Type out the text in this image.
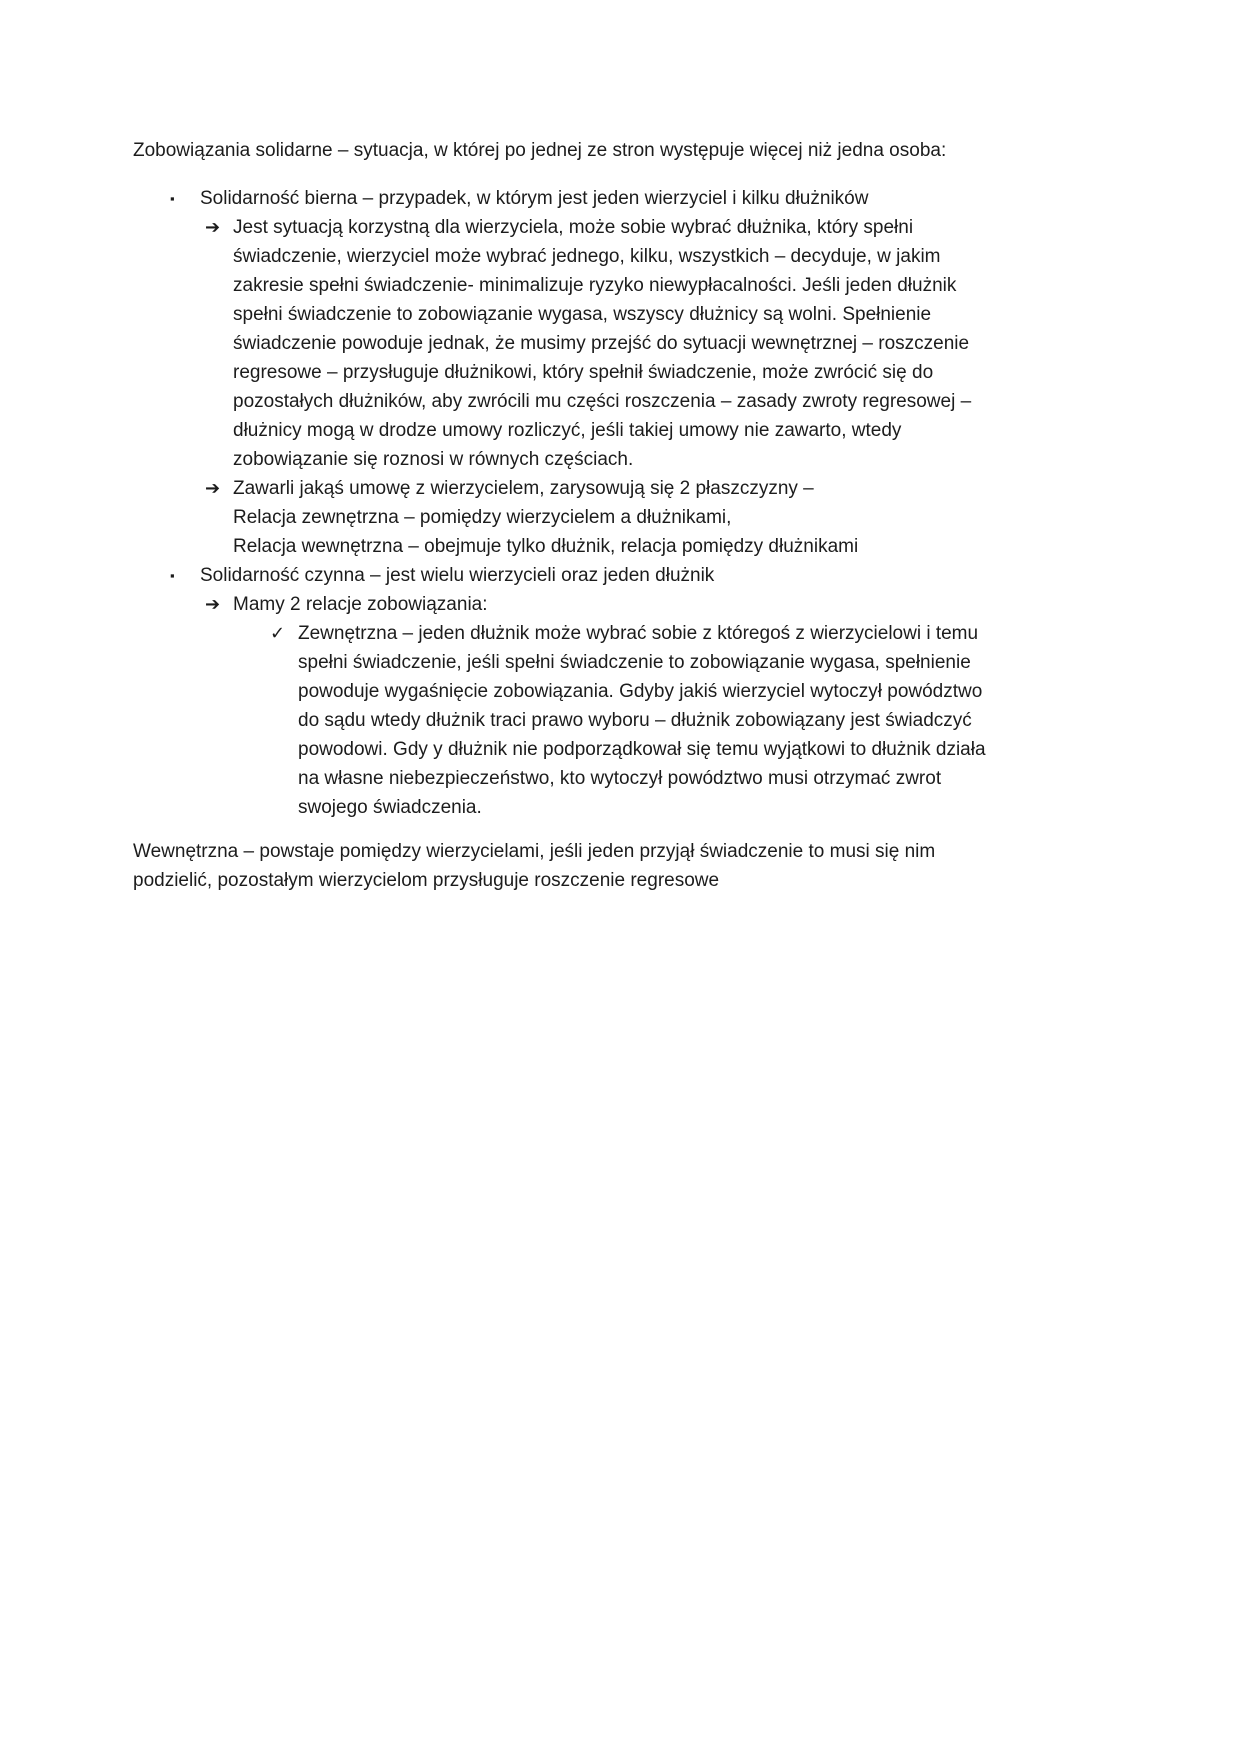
Zobowiązania solidarne – sytuacja, w której po jednej ze stron występuje więcej niż jedna osoba:

▪	Solidarność bierna – przypadek, w którym jest jeden wierzyciel i kilku dłużników
➔ Jest sytuacją korzystną dla wierzyciela, może sobie wybrać dłużnika, który spełni świadczenie, wierzyciel może wybrać jednego, kilku, wszystkich – decyduje, w jakim zakresie spełni świadczenie- minimalizuje ryzyko niewypłacalności. Jeśli jeden dłużnik spełni świadczenie to zobowiązanie wygasa, wszyscy dłużnicy są wolni. Spełnienie świadczenie powoduje jednak, że musimy przejść do sytuacji wewnętrznej – roszczenie regresowe – przysługuje dłużnikowi, który spełnił świadczenie, może zwrócić się do pozostałych dłużników, aby zwrócili mu części roszczenia – zasady zwroty regresowej – dłużnicy mogą w drodze umowy rozliczyć, jeśli takiej umowy nie zawarto, wtedy zobowiązanie się roznosi w równych częściach.
➔ Zawarli jakąś umowę z wierzycielem, zarysowują się 2 płaszczyzny –
Relacja zewnętrzna – pomiędzy wierzycielem a dłużnikami,
Relacja wewnętrzna – obejmuje tylko dłużnik, relacja pomiędzy dłużnikami
▪	Solidarność czynna – jest wielu wierzycieli oraz jeden dłużnik
➔ Mamy 2 relacje zobowiązania:
✓ Zewnętrzna – jeden dłużnik może wybrać sobie z któregoś z wierzycielowi i temu spełni świadczenie, jeśli spełni świadczenie to zobowiązanie wygasa, spełnienie powoduje wygaśnięcie zobowiązania. Gdyby jakiś wierzyciel wytoczył powództwo do sądu wtedy dłużnik traci prawo wyboru – dłużnik zobowiązany jest świadczyć powodowi. Gdy y dłużnik nie podporządkował się temu wyjątkowi to dłużnik działa na własne niebezpieczeństwo, kto wytoczył powództwo musi otrzymać zwrot swojego świadczenia.

Wewnętrzna – powstaje pomiędzy wierzycielami, jeśli jeden przyjął świadczenie to musi się nim podzielić, pozostałym wierzycielom przysługuje roszczenie regresowe
